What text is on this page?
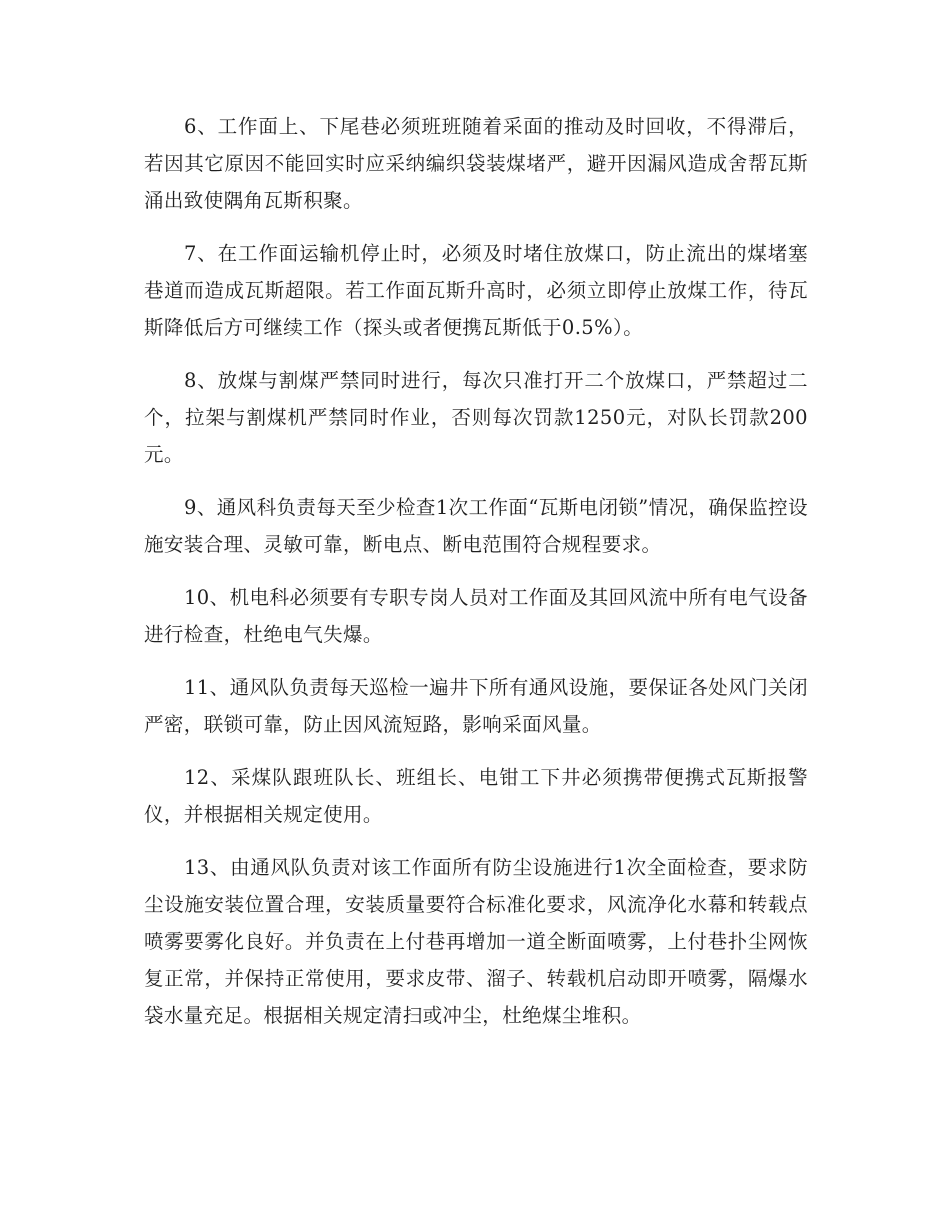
6、工作面上、下尾巷必须班班随着采面的推动及时回收，不得滞后，若因其它原因不能回实时应采纳编织袋装煤堵严，避开因漏风造成舍帮瓦斯涌出致使隅角瓦斯积聚。

7、在工作面运输机停止时，必须及时堵住放煤口，防止流出的煤堵塞巷道而造成瓦斯超限。若工作面瓦斯升高时，必须立即停止放煤工作，待瓦斯降低后方可继续工作（探头或者便携瓦斯低于0.5%）。

8、放煤与割煤严禁同时进行，每次只准打开二个放煤口，严禁超过二个，拉架与割煤机严禁同时作业，否则每次罚款1250元，对队长罚款200元。

9、通风科负责每天至少检查1次工作面“瓦斯电闭锁”情况，确保监控设施安装合理、灵敏可靠，断电点、断电范围符合规程要求。

10、机电科必须要有专职专岗人员对工作面及其回风流中所有电气设备进行检查，杜绝电气失爆。

11、通风队负责每天巡检一遍井下所有通风设施，要保证各处风门关闭严密，联锁可靠，防止因风流短路，影响采面风量。

12、采煤队跟班队长、班组长、电钳工下井必须携带便携式瓦斯报警仪，并根据相关规定使用。

13、由通风队负责对该工作面所有防尘设施进行1次全面检查，要求防尘设施安装位置合理，安装质量要符合标准化要求，风流净化水幕和转载点喷雾要雾化良好。并负责在上付巷再增加一道全断面喷雾，上付巷扑尘网恢复正常，并保持正常使用，要求皮带、溜子、转载机启动即开喷雾，隔爆水袋水量充足。根据相关规定清扫或冲尘，杜绝煤尘堆积。
